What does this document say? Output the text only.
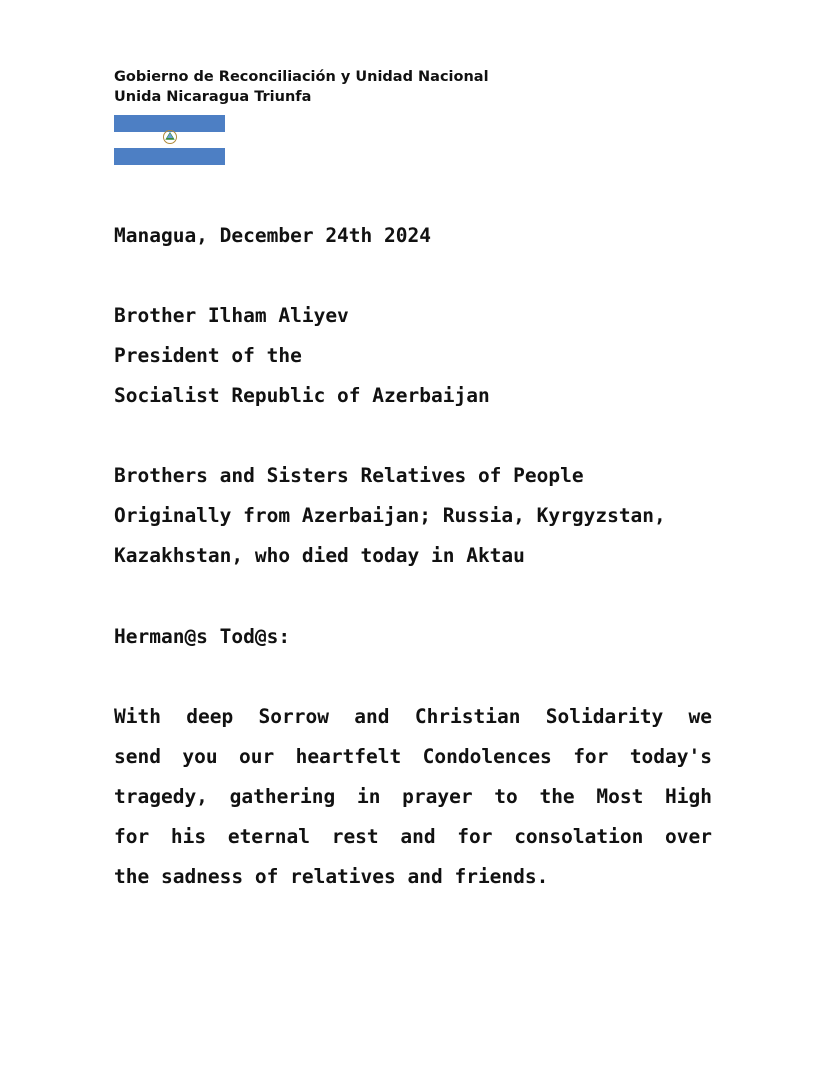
Gobierno de Reconciliación y Unidad Nacional
Unida Nicaragua Triunfa
Managua, December 24th 2024
Brother Ilham Aliyev
President of the
Socialist Republic of Azerbaijan
Brothers and Sisters Relatives of People
Originally from Azerbaijan; Russia, Kyrgyzstan,
Kazakhstan, who died today in Aktau
Herman@s Tod@s:
With deep Sorrow and Christian Solidarity we
send you our heartfelt Condolences for today's
tragedy, gathering in prayer to the Most High
for his eternal rest and for consolation over
the sadness of relatives and friends.
